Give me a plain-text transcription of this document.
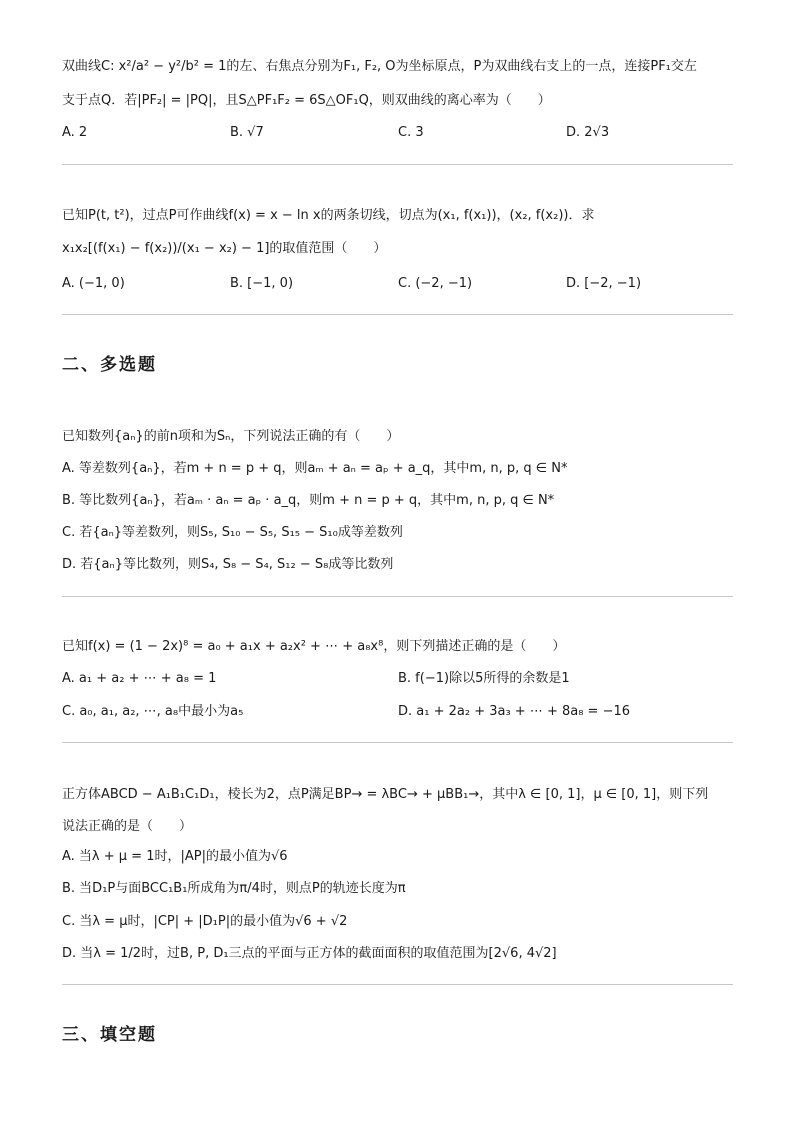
双曲线C: x²/a² − y²/b² = 1的左、右焦点分别为F₁, F₂, O为坐标原点，P为双曲线右支上的一点，连接PF₁交左
支于点Q．若|PF₂| = |PQ|，且S△PF₁F₂ = 6S△OF₁Q，则双曲线的离心率为（　　）
A. 2	B. √7	C. 3	D. 2√3
已知P(t, t²)，过点P可作曲线f(x) = x − ln x的两条切线，切点为(x₁, f(x₁))，(x₂, f(x₂))．求
x₁x₂[(f(x₁) − f(x₂))/(x₁ − x₂) − 1]的取值范围（　　）
A. (−1, 0)	B. [−1, 0)	C. (−2, −1)	D. [−2, −1)
二、多选题
已知数列{aₙ}的前n项和为Sₙ，下列说法正确的有（　　）
A. 等差数列{aₙ}，若m + n = p + q，则aₘ + aₙ = aₚ + a_q，其中m, n, p, q ∈ N*
B. 等比数列{aₙ}，若aₘ · aₙ = aₚ · a_q，则m + n = p + q，其中m, n, p, q ∈ N*
C. 若{aₙ}等差数列，则S₅, S₁₀ − S₅, S₁₅ − S₁₀成等差数列
D. 若{aₙ}等比数列，则S₄, S₈ − S₄, S₁₂ − S₈成等比数列
已知f(x) = (1 − 2x)⁸ = a₀ + a₁x + a₂x² + ⋯ + a₈x⁸，则下列描述正确的是（　　）
A. a₁ + a₂ + ⋯ + a₈ = 1	B. f(−1)除以5所得的余数是1
C. a₀, a₁, a₂, ⋯, a₈中最小为a₅	D. a₁ + 2a₂ + 3a₃ + ⋯ + 8a₈ = −16
正方体ABCD − A₁B₁C₁D₁，棱长为2，点P满足BP→ = λBC→ + μBB₁→，其中λ ∈ [0, 1]，μ ∈ [0, 1]，则下列
说法正确的是（　　）
A. 当λ + μ = 1时，|AP|的最小值为√6
B. 当D₁P与面BCC₁B₁所成角为π/4时，则点P的轨迹长度为π
C. 当λ = μ时，|CP| + |D₁P|的最小值为√6 + √2
D. 当λ = 1/2时，过B, P, D₁三点的平面与正方体的截面面积的取值范围为[2√6, 4√2]
三、填空题
